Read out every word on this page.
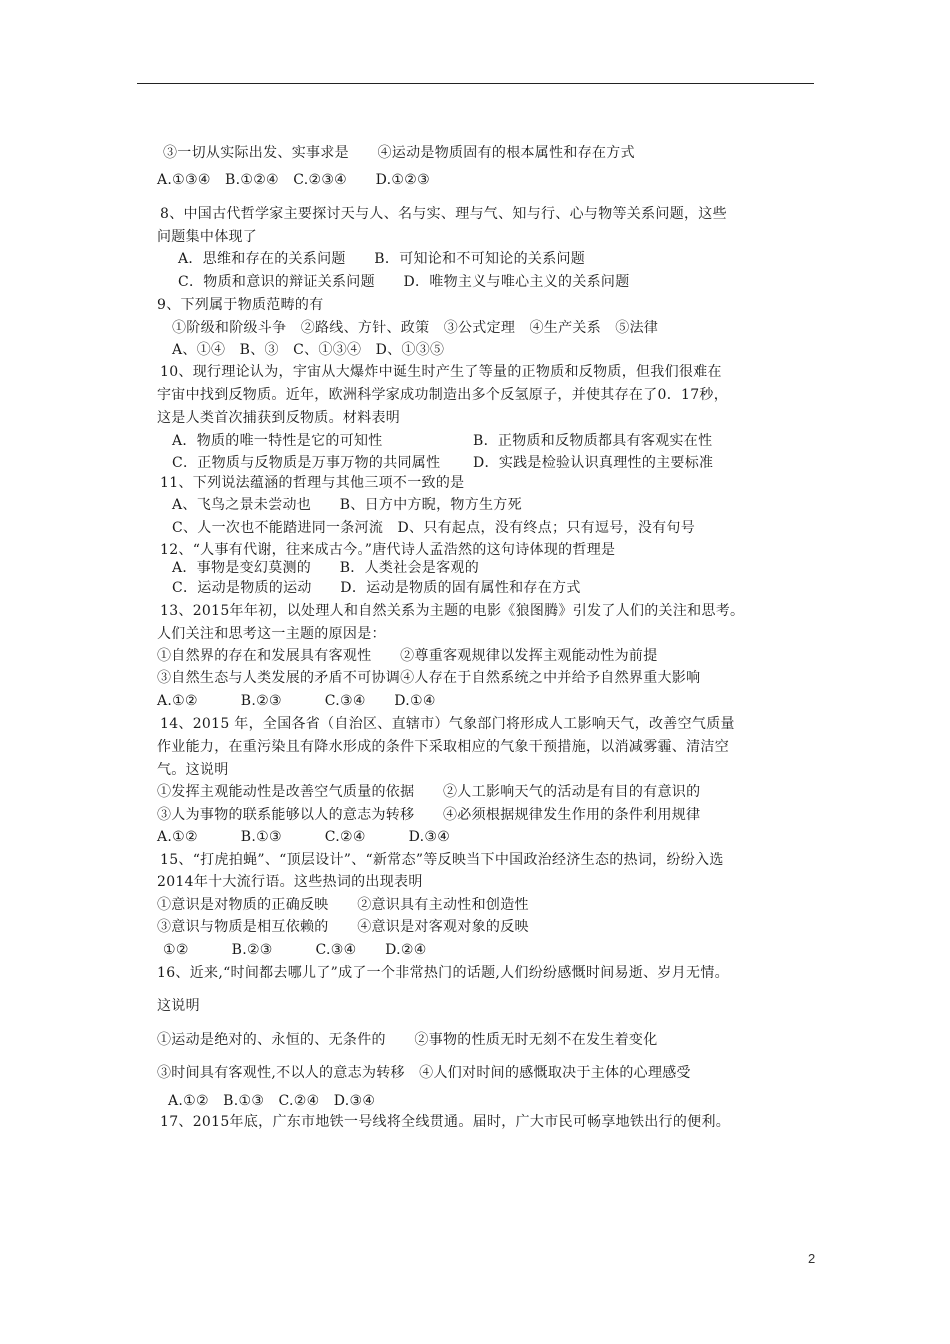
③一切从实际出发、实事求是　　④运动是物质固有的根本属性和存在方式
A.①③④　B.①②④　C.②③④　　D.①②③
8、中国古代哲学家主要探讨天与人、名与实、理与气、知与行、心与物等关系问题，这些
问题集中体现了
A．思维和存在的关系问题　　B．可知论和不可知论的关系问题
C．物质和意识的辩证关系问题　　D．唯物主义与唯心主义的关系问题
9、下列属于物质范畴的有
①阶级和阶级斗争　②路线、方针、政策　③公式定理　④生产关系　⑤法律
A、①④　B、③　C、①③④　D、①③⑤
10、现行理论认为，宇宙从大爆炸中诞生时产生了等量的正物质和反物质，但我们很难在
宇宙中找到反物质。近年，欧洲科学家成功制造出多个反氢原子，并使其存在了0．17秒，
这是人类首次捕获到反物质。材料表明
A．物质的唯一特性是它的可知性	B．正物质和反物质都具有客观实在性
C．正物质与反物质是万事万物的共同属性 D．实践是检验认识真理性的主要标准
11、下列说法蕴涵的哲理与其他三项不一致的是
A、飞鸟之景未尝动也　　B、日方中方睨，物方生方死
C、人一次也不能踏进同一条河流　D、只有起点，没有终点；只有逗号，没有句号
12、“人事有代谢，往来成古今。”唐代诗人孟浩然的这句诗体现的哲理是
A．事物是变幻莫测的　　B．人类社会是客观的
C．运动是物质的运动　　D．运动是物质的固有属性和存在方式
13、2015年年初，以处理人和自然关系为主题的电影《狼图腾》引发了人们的关注和思考。
人们关注和思考这一主题的原因是：
①自然界的存在和发展具有客观性　　②尊重客观规律以发挥主观能动性为前提
③自然生态与人类发展的矛盾不可协调④人存在于自然系统之中并给予自然界重大影响
A.①②　　　B.②③　　　C.③④　　D.①④
14、2015 年，全国各省（自治区、直辖市）气象部门将形成人工影响天气，改善空气质量
作业能力，在重污染且有降水形成的条件下采取相应的气象干预措施，以消减雾霾、清洁空
气。这说明
①发挥主观能动性是改善空气质量的依据　　②人工影响天气的活动是有目的有意识的
③人为事物的联系能够以人的意志为转移　　④必须根据规律发生作用的条件利用规律
A.①②　　　B.①③　　　C.②④　　　D.③④
15、“打虎拍蝇”、“顶层设计”、“新常态”等反映当下中国政治经济生态的热词，纷纷入选
2014年十大流行语。这些热词的出现表明
①意识是对物质的正确反映　　②意识具有主动性和创造性
③意识与物质是相互依赖的　　④意识是对客观对象的反映
①②　　　B.②③　　　C.③④　　D.②④
16、近来,“时间都去哪儿了”成了一个非常热门的话题,人们纷纷感慨时间易逝、岁月无情。
这说明
①运动是绝对的、永恒的、无条件的　　②事物的性质无时无刻不在发生着变化
③时间具有客观性,不以人的意志为转移　④人们对时间的感慨取决于主体的心理感受
A.①②　B.①③　C.②④　D.③④
17、2015年底，广东市地铁一号线将全线贯通。届时，广大市民可畅享地铁出行的便利。
2
